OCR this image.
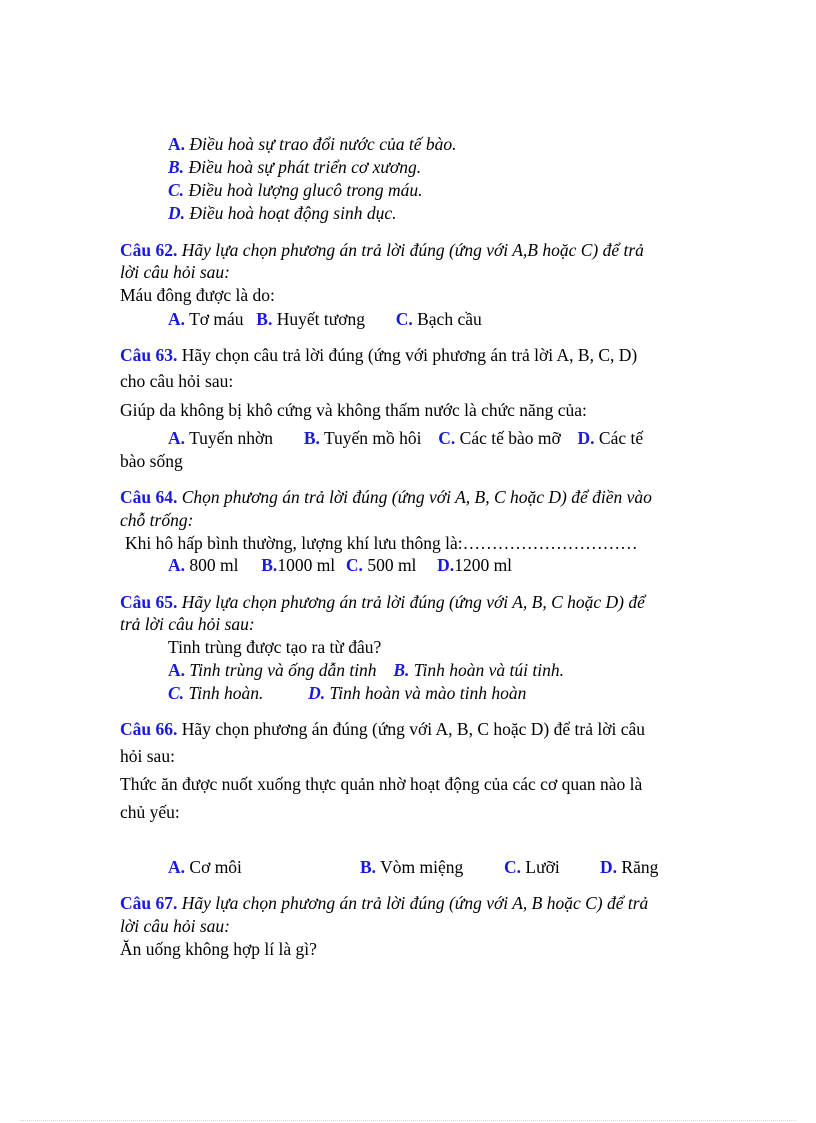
A. Điều hoà sự trao đổi nước của tế bào.
B. Điều hoà sự phát triển cơ xương.
C. Điều hoà lượng glucô trong máu.
D. Điều hoà hoạt động sinh dục.
Câu 62. Hãy lựa chọn phương án trả lời đúng (ứng với A,B hoặc C) để trả
lời câu hỏi sau:
Máu đông được là do:
A. Tơ máu B. Huyết tương C. Bạch cầu
Câu 63. Hãy chọn câu trả lời đúng (ứng với phương án trả lời A, B, C, D)
cho câu hỏi sau:
Giúp da không bị khô cứng và không thấm nước là chức năng của:
A. Tuyến nhờn B. Tuyến mồ hôi C. Các tế bào mỡ D. Các tế
bào sống
Câu 64. Chọn phương án trả lời đúng (ứng với A, B, C hoặc D) để điền vào
chỗ trống:
Khi hô hấp bình thường, lượng khí lưu thông là:…………………………
A. 800 ml B.1000 ml C. 500 ml D.1200 ml
Câu 65. Hãy lựa chọn phương án trả lời đúng (ứng với A, B, C hoặc D) để
trả lời câu hỏi sau:
Tinh trùng được tạo ra từ đâu?
A. Tinh trùng và ống dẫn tinh B. Tinh hoàn và túi tinh.
C. Tinh hoàn.	D. Tinh hoàn và mào tinh hoàn
Câu 66. Hãy chọn phương án đúng (ứng với A, B, C hoặc D) để trả lời câu
hỏi sau:
Thức ăn được nuốt xuống thực quản nhờ hoạt động của các cơ quan nào là
chủ yếu:
A. Cơ môi	B. Vòm miệng C. Lưỡi D. Răng
Câu 67. Hãy lựa chọn phương án trả lời đúng (ứng với A, B hoặc C) để trả
lời câu hỏi sau:
Ăn uống không hợp lí là gì?
